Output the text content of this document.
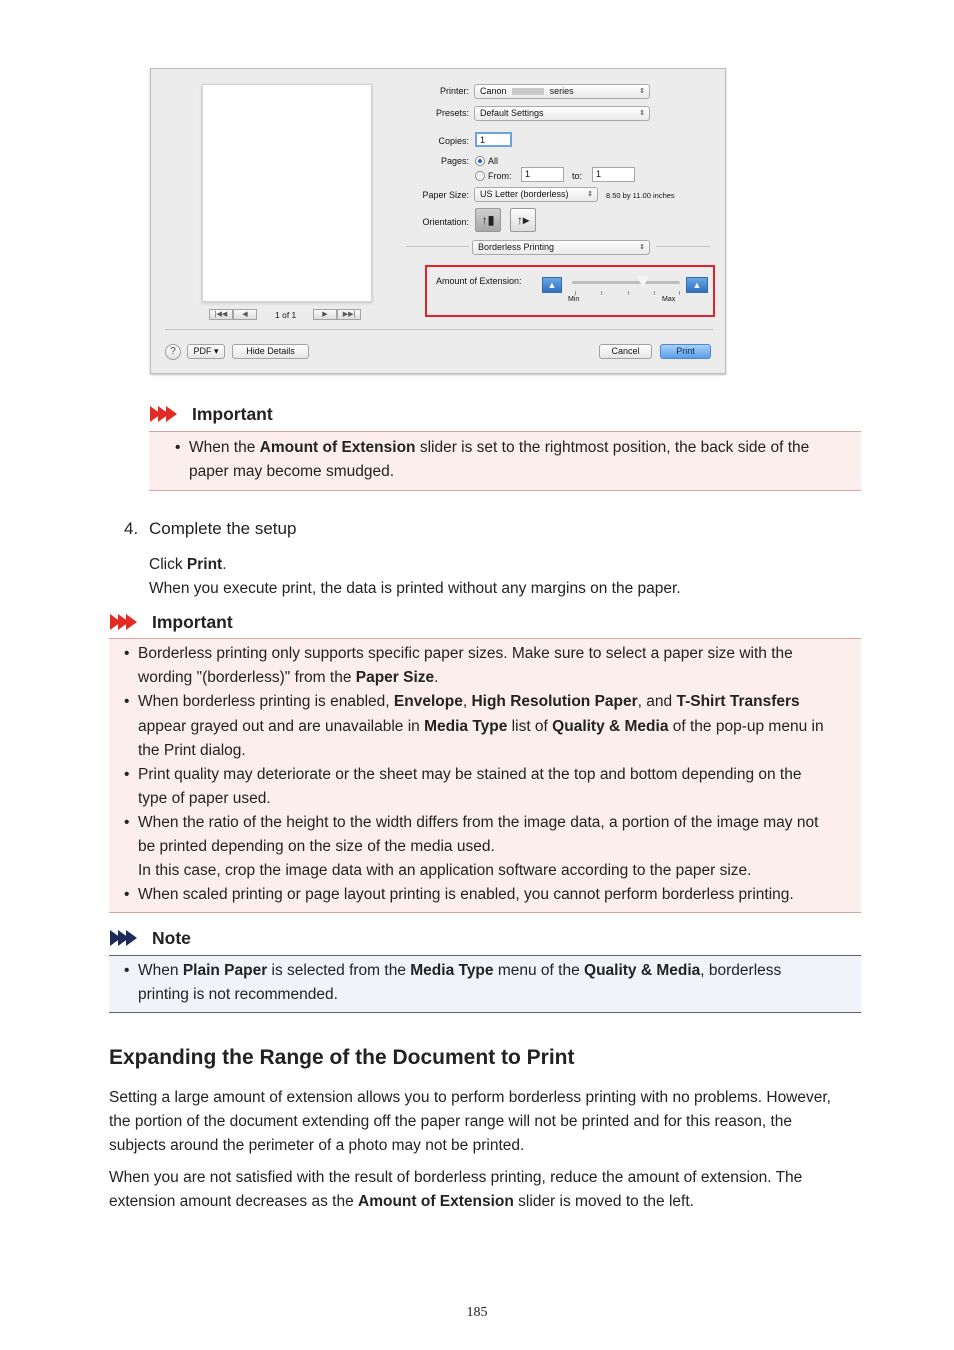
|◀◀	◀	1 of 1	▶	▶▶|
Printer:	Canon	series	⇕
Presets:	Default Settings	⇕
Copies:	1
Pages: All
From:	1	to:	1
Paper Size:	US Letter (borderless)	⇕ 8.50 by 11.00 inches
Orientation:	↑▮	↑▸
Borderless Printing	⇕
Amount of Extension:	▲
Min	Max
▲
?	PDF ▾	Hide Details	Cancel	Print
Important
• When the Amount of Extension slider is set to the rightmost position, the back side of the
paper may become smudged.
4. Complete the setup
Click Print.
When you execute print, the data is printed without any margins on the paper.
Important
• Borderless printing only supports specific paper sizes. Make sure to select a paper size with the
wording "(borderless)" from the Paper Size.
• When borderless printing is enabled, Envelope, High Resolution Paper, and T-Shirt Transfers
appear grayed out and are unavailable in Media Type list of Quality & Media of the pop-up menu in
the Print dialog.
• Print quality may deteriorate or the sheet may be stained at the top and bottom depending on the
type of paper used.
• When the ratio of the height to the width differs from the image data, a portion of the image may not
be printed depending on the size of the media used.
In this case, crop the image data with an application software according to the paper size.
• When scaled printing or page layout printing is enabled, you cannot perform borderless printing.
Note
• When Plain Paper is selected from the Media Type menu of the Quality & Media, borderless
printing is not recommended.
Expanding the Range of the Document to Print
Setting a large amount of extension allows you to perform borderless printing with no problems. However,
the portion of the document extending off the paper range will not be printed and for this reason, the
subjects around the perimeter of a photo may not be printed.
When you are not satisfied with the result of borderless printing, reduce the amount of extension. The
extension amount decreases as the Amount of Extension slider is moved to the left.
185
